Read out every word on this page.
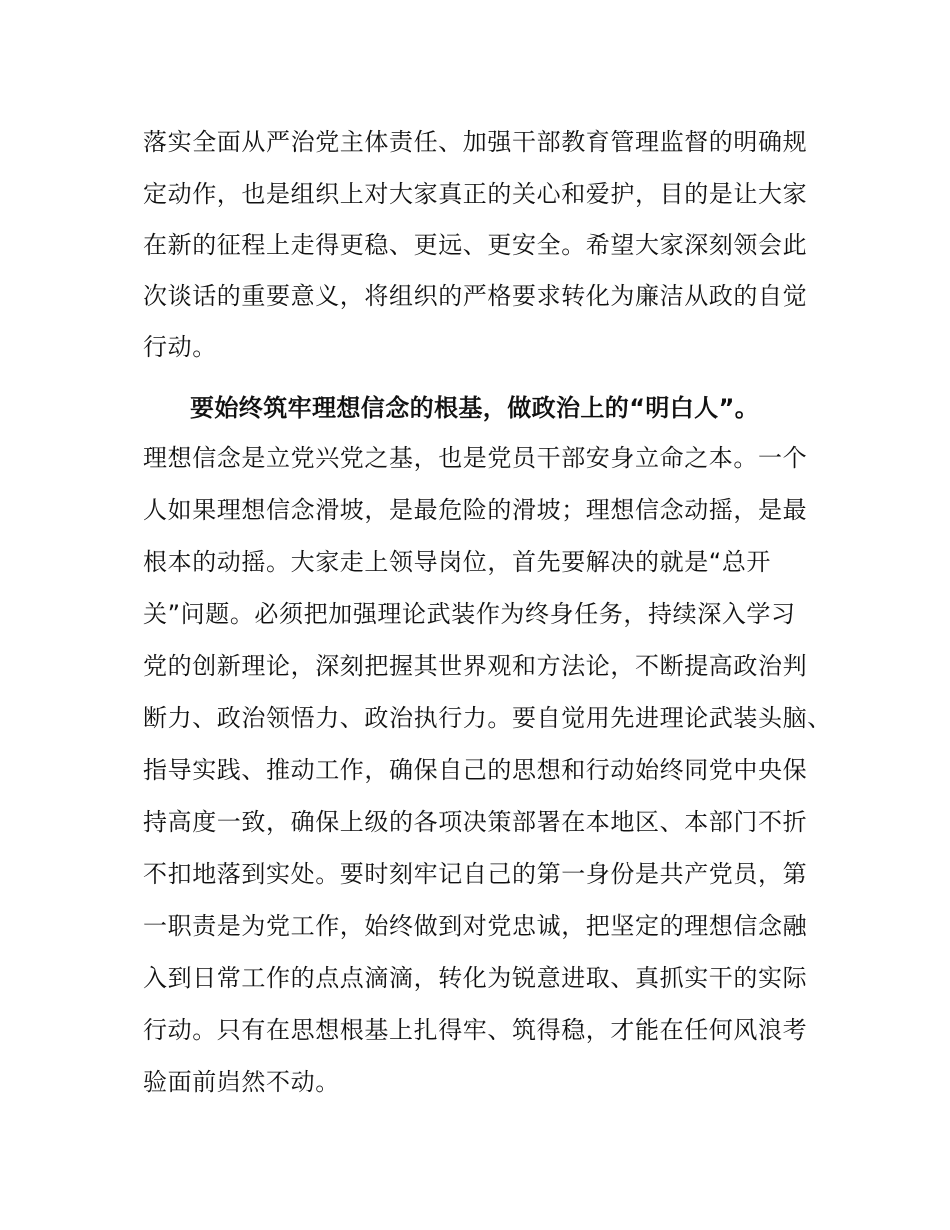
落实全面从严治党主体责任、加强干部教育管理监督的明确规
定动作，也是组织上对大家真正的关心和爱护，目的是让大家
在新的征程上走得更稳、更远、更安全。希望大家深刻领会此
次谈话的重要意义，将组织的严格要求转化为廉洁从政的自觉
行动。
要始终筑牢理想信念的根基，做政治上的“明白人”。
理想信念是立党兴党之基，也是党员干部安身立命之本。一个
人如果理想信念滑坡，是最危险的滑坡；理想信念动摇，是最
根本的动摇。大家走上领导岗位，首先要解决的就是“总开
关”问题。必须把加强理论武装作为终身任务，持续深入学习
党的创新理论，深刻把握其世界观和方法论，不断提高政治判
断力、政治领悟力、政治执行力。要自觉用先进理论武装头脑、
指导实践、推动工作，确保自己的思想和行动始终同党中央保
持高度一致，确保上级的各项决策部署在本地区、本部门不折
不扣地落到实处。要时刻牢记自己的第一身份是共产党员，第
一职责是为党工作，始终做到对党忠诚，把坚定的理想信念融
入到日常工作的点点滴滴，转化为锐意进取、真抓实干的实际
行动。只有在思想根基上扎得牢、筑得稳，才能在任何风浪考
验面前岿然不动。
